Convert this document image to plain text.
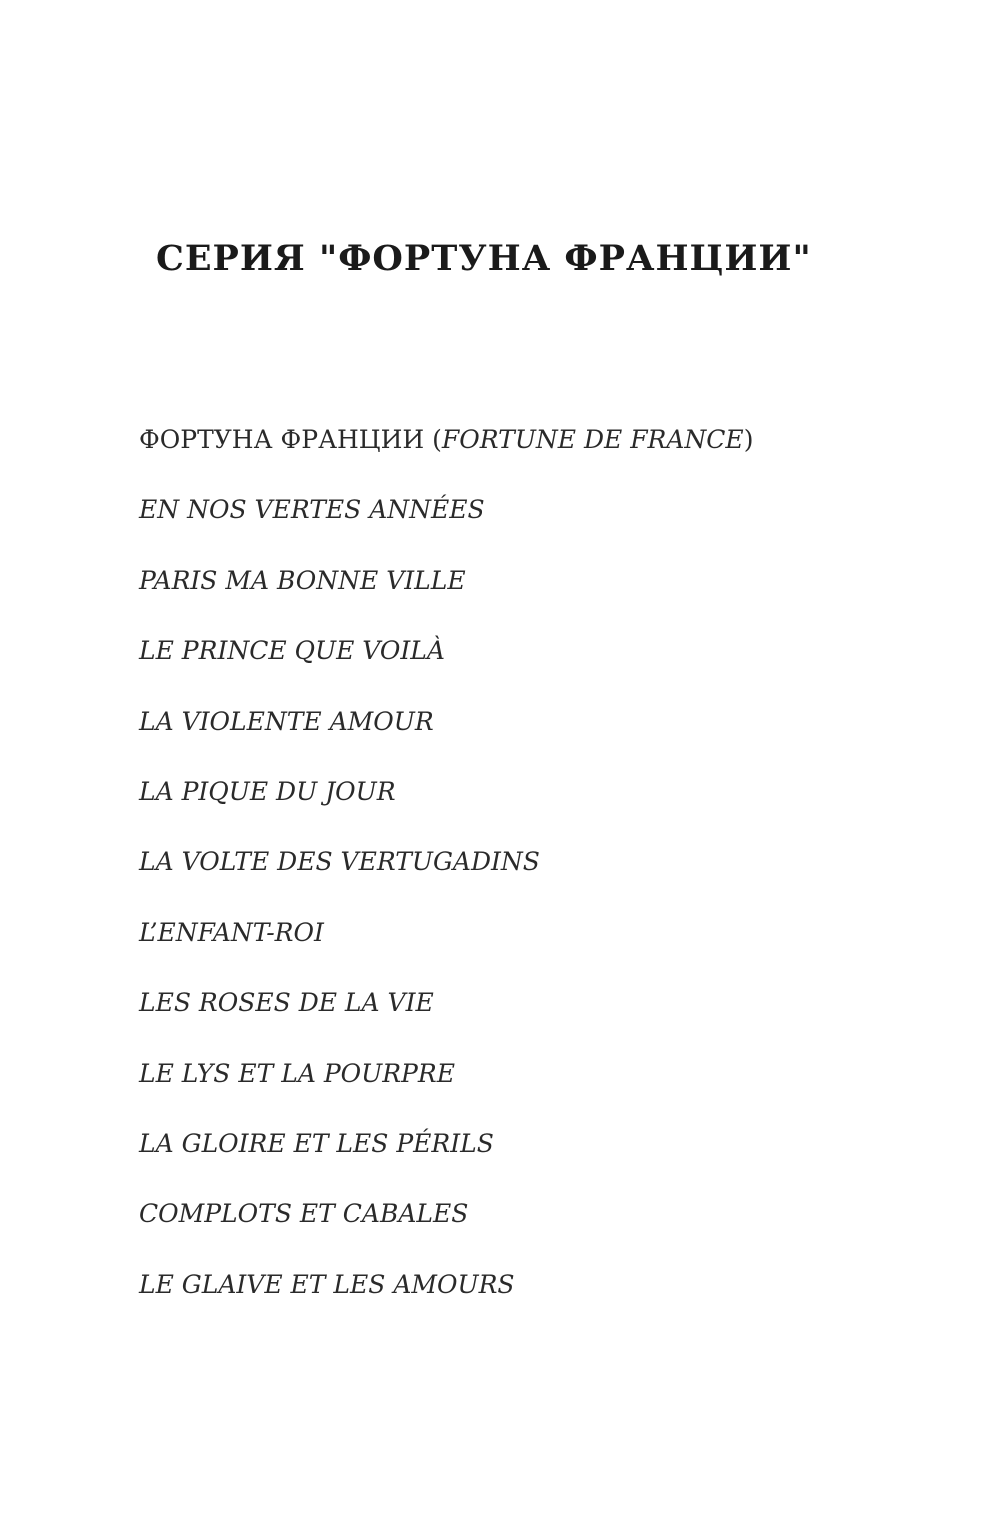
СЕРИЯ "ФОРТУНА ФРАНЦИИ"
ФОРТУНА ФРАНЦИИ (FORTUNE DE FRANCE)
EN NOS VERTES ANNÉES
PARIS MA BONNE VILLE
LE PRINCE QUE VOILÀ
LA VIOLENTE AMOUR
LA PIQUE DU JOUR
LA VOLTE DES VERTUGADINS
L’ENFANT-ROI
LES ROSES DE LA VIE
LE LYS ET LA POURPRE
LA GLOIRE ET LES PÉRILS
COMPLOTS ET CABALES
LE GLAIVE ET LES AMOURS
